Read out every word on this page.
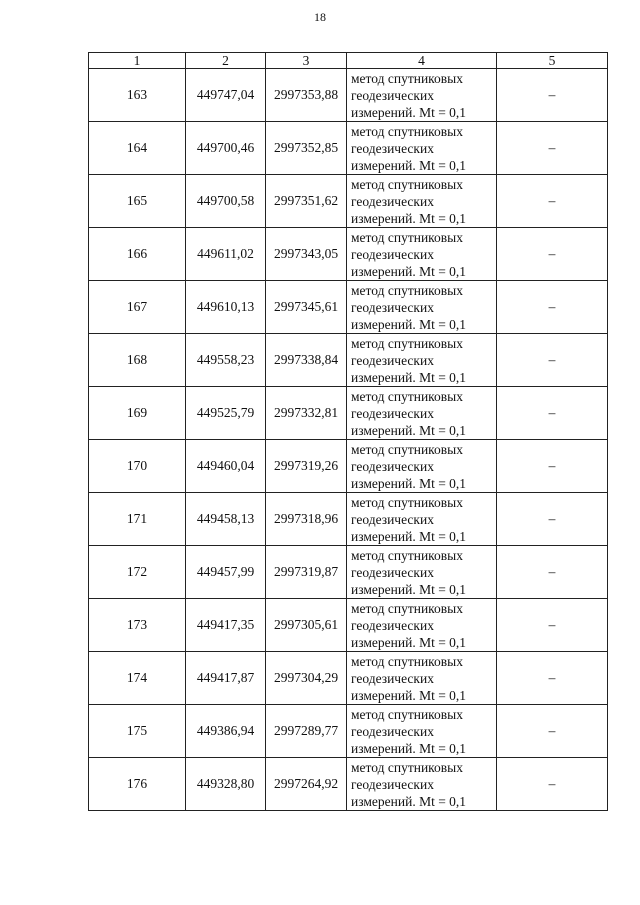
18
1	2	3	4	5
163	449747,04	2997353,88	метод спутниковых
геодезических
измерений. Mt = 0,1	–
164	449700,46	2997352,85	метод спутниковых
геодезических
измерений. Mt = 0,1	–
165	449700,58	2997351,62	метод спутниковых
геодезических
измерений. Mt = 0,1	–
166	449611,02	2997343,05	метод спутниковых
геодезических
измерений. Mt = 0,1	–
167	449610,13	2997345,61	метод спутниковых
геодезических
измерений. Mt = 0,1	–
168	449558,23	2997338,84	метод спутниковых
геодезических
измерений. Mt = 0,1	–
169	449525,79	2997332,81	метод спутниковых
геодезических
измерений. Mt = 0,1	–
170	449460,04	2997319,26	метод спутниковых
геодезических
измерений. Mt = 0,1	–
171	449458,13	2997318,96	метод спутниковых
геодезических
измерений. Mt = 0,1	–
172	449457,99	2997319,87	метод спутниковых
геодезических
измерений. Mt = 0,1	–
173	449417,35	2997305,61	метод спутниковых
геодезических
измерений. Mt = 0,1	–
174	449417,87	2997304,29	метод спутниковых
геодезических
измерений. Mt = 0,1	–
175	449386,94	2997289,77	метод спутниковых
геодезических
измерений. Mt = 0,1	–
176	449328,80	2997264,92	метод спутниковых
геодезических
измерений. Mt = 0,1	–
